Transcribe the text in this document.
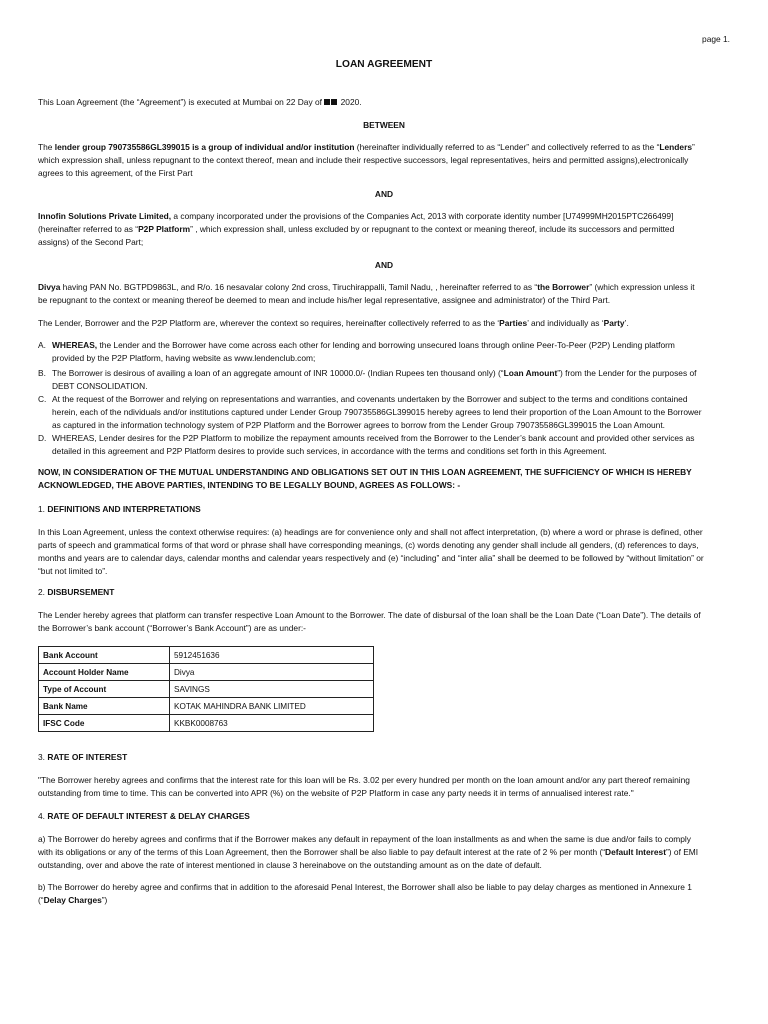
page 1.
LOAN AGREEMENT
This Loan Agreement (the “Agreement”) is executed at Mumbai on 22 Day of 2020.
BETWEEN
The lender group 790735586GL399015 is a group of individual and/or institution (hereinafter individually referred to as “Lender” and collectively referred to as the “Lenders”
which expression shall, unless repugnant to the context thereof, mean and include their respective successors, legal representatives, heirs and permitted assigns),electronically
agrees to this agreement, of the First Part
AND
Innofin Solutions Private Limited, a company incorporated under the provisions of the Companies Act, 2013 with corporate identity number [U74999MH2015PTC266499]
(hereinafter referred to as “P2P Platform” , which expression shall, unless excluded by or repugnant to the context or meaning thereof, include its successors and permitted
assigns) of the Second Part;
AND
Divya having PAN No. BGTPD9863L, and R/o. 16 nesavalar colony 2nd cross, Tiruchirappalli, Tamil Nadu, , hereinafter referred to as “the Borrower” (which expression unless it
be repugnant to the context or meaning thereof be deemed to mean and include his/her legal representative, assignee and administrator) of the Third Part.
The Lender, Borrower and the P2P Platform are, wherever the context so requires, hereinafter collectively referred to as the ‘Parties’ and individually as ‘Party’.
A. WHEREAS, the Lender and the Borrower have come across each other for lending and borrowing unsecured loans through online Peer-To-Peer (P2P) Lending platform
provided by the P2P Platform, having website as www.lendenclub.com;
B. The Borrower is desirous of availing a loan of an aggregate amount of INR 10000.0/- (Indian Rupees ten thousand only) (“Loan Amount”) from the Lender for the purposes of
DEBT CONSOLIDATION.
C. At the request of the Borrower and relying on representations and warranties, and covenants undertaken by the Borrower and subject to the terms and conditions contained
herein, each of the ndividuals and/or institutions captured under Lender Group 790735586GL399015 hereby agrees to lend their proportion of the Loan Amount to the Borrower
as captured in the information technology system of P2P Platform and the Borrower agrees to borrow from the Lender Group 790735586GL399015 the Loan Amount.
D. WHEREAS, Lender desires for the P2P Platform to mobilize the repayment amounts received from the Borrower to the Lender’s bank account and provided other services as
detailed in this agreement and P2P Platform desires to provide such services, in accordance with the terms and conditions set forth in this Agreement.
NOW, IN CONSIDERATION OF THE MUTUAL UNDERSTANDING AND OBLIGATIONS SET OUT IN THIS LOAN AGREEMENT, THE SUFFICIENCY OF WHICH IS HEREBY
ACKNOWLEDGED, THE ABOVE PARTIES, INTENDING TO BE LEGALLY BOUND, AGREES AS FOLLOWS: -
1. DEFINITIONS AND INTERPRETATIONS
In this Loan Agreement, unless the context otherwise requires: (a) headings are for convenience only and shall not affect interpretation, (b) where a word or phrase is defined, other
parts of speech and grammatical forms of that word or phrase shall have corresponding meanings, (c) words denoting any gender shall include all genders, (d) references to days,
months and years are to calendar days, calendar months and calendar years respectively and (e) “including” and “inter alia” shall be deemed to be followed by “without limitation” or
“but not limited to”.
2. DISBURSEMENT
The Lender hereby agrees that platform can transfer respective Loan Amount to the Borrower. The date of disbursal of the loan shall be the Loan Date (“Loan Date”). The details of
the Borrower’s bank account (“Borrower’s Bank Account”) are as under:-
Bank Account	5912451636
Account Holder Name	Divya
Type of Account	SAVINGS
Bank Name	KOTAK MAHINDRA BANK LIMITED
IFSC Code	KKBK0008763
3. RATE OF INTEREST
"The Borrower hereby agrees and confirms that the interest rate for this loan will be Rs. 3.02 per every hundred per month on the loan amount and/or any part thereof remaining
outstanding from time to time. This can be converted into APR (%) on the website of P2P Platform in case any party needs it in terms of annualised interest rate."
4. RATE OF DEFAULT INTEREST & DELAY CHARGES
a) The Borrower do hereby agrees and confirms that if the Borrower makes any default in repayment of the loan installments as and when the same is due and/or fails to comply
with its obligations or any of the terms of this Loan Agreement, then the Borrower shall be also liable to pay default interest at the rate of 2 % per month (“Default Interest”) of EMI
outstanding, over and above the rate of interest mentioned in clause 3 hereinabove on the outstanding amount as on the date of default.
b) The Borrower do hereby agree and confirms that in addition to the aforesaid Penal Interest, the Borrower shall also be liable to pay delay charges as mentioned in Annexure 1
(“Delay Charges”)
